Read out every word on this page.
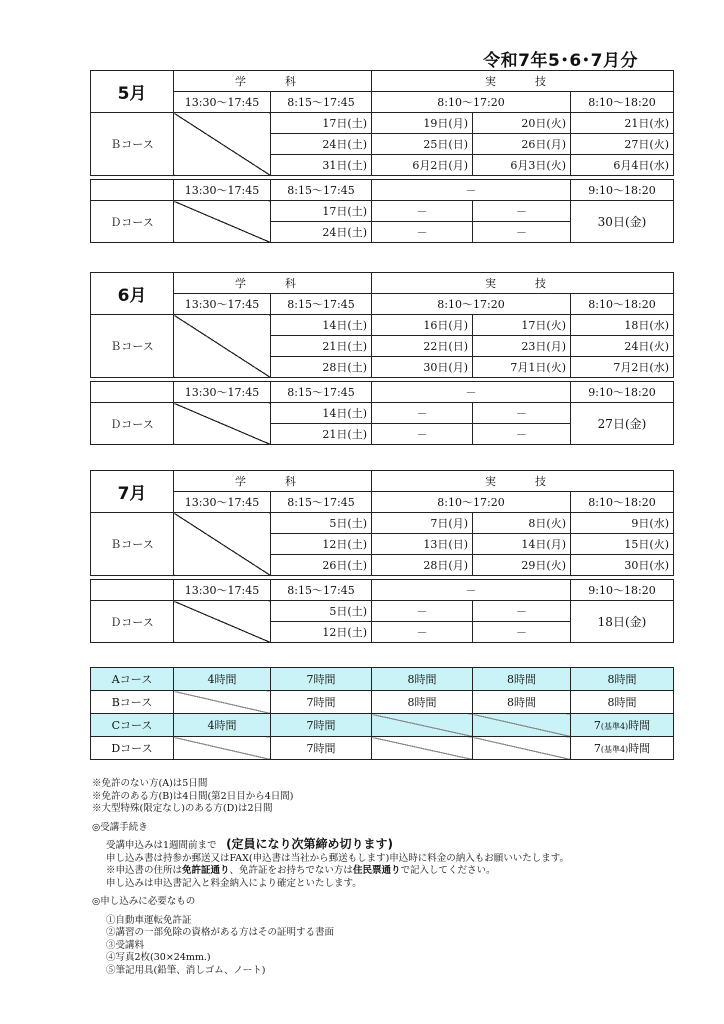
令和7年5･6･7月分
5月	学　科		実　技		
	13:30～17:45	8:15～17:45	8:10～17:20		8:10～18:20
Ｂコース		17日(土)	19日(月)	20日(火)	21日(水)
		24日(土)	25日(日)	26日(月)	27日(火)
		31日(土)	6月2日(月)	6月3日(火)	6月4日(水)

	13:30～17:45	8:15～17:45	－		9:10～18:20
Ｄコース		17日(土)	－	－	30日(金)
		24日(土)	－	－	
6月	学　科		実　技		
	13:30～17:45	8:15～17:45	8:10～17:20		8:10～18:20
Ｂコース		14日(土)	16日(月)	17日(火)	18日(水)
		21日(土)	22日(日)	23日(月)	24日(火)
		28日(土)	30日(月)	7月1日(火)	7月2日(水)

	13:30～17:45	8:15～17:45	－		9:10～18:20
Ｄコース		14日(土)	－	－	27日(金)
		21日(土)	－	－	
7月	学　科		実　技		
	13:30～17:45	8:15～17:45	8:10～17:20		8:10～18:20
Ｂコース		5日(土)	7日(月)	8日(火)	9日(水)
		12日(土)	13日(日)	14日(月)	15日(火)
		26日(土)	28日(月)	29日(火)	30日(水)

	13:30～17:45	8:15～17:45	－		9:10～18:20
Ｄコース		5日(土)	－	－	18日(金)
		12日(土)	－	－	
Aコース	4時間	7時間	8時間	8時間	8時間
Bコース		7時間	8時間	8時間	8時間
Cコース	4時間	7時間			7(基準4)時間
Dコース		7時間			7(基準4)時間

※免許のない方(A)は5日間

※免許のある方(B)は4日間(第2日目から4日間)

※大型特殊(限定なし)のある方(D)は2日間

◎受講手続き

受講申込みは1週間前まで　 (定員になり次第締め切ります)

申し込み書は持参か郵送又はFAX(申込書は当社から郵送もします)申込時に料金の納入もお願いいたします。

※申込書の住所は免許証通り、免許証をお持ちでない方は住民票通りで記入してください。

申し込みは申込書記入と料金納入により確定といたします。

◎申し込みに必要なもの

①自動車運転免許証

②講習の一部免除の資格がある方はその証明する書面

③受講料

④写真2枚(30×24mm.)

⑤筆記用具(鉛筆、消しゴム、ノート)
